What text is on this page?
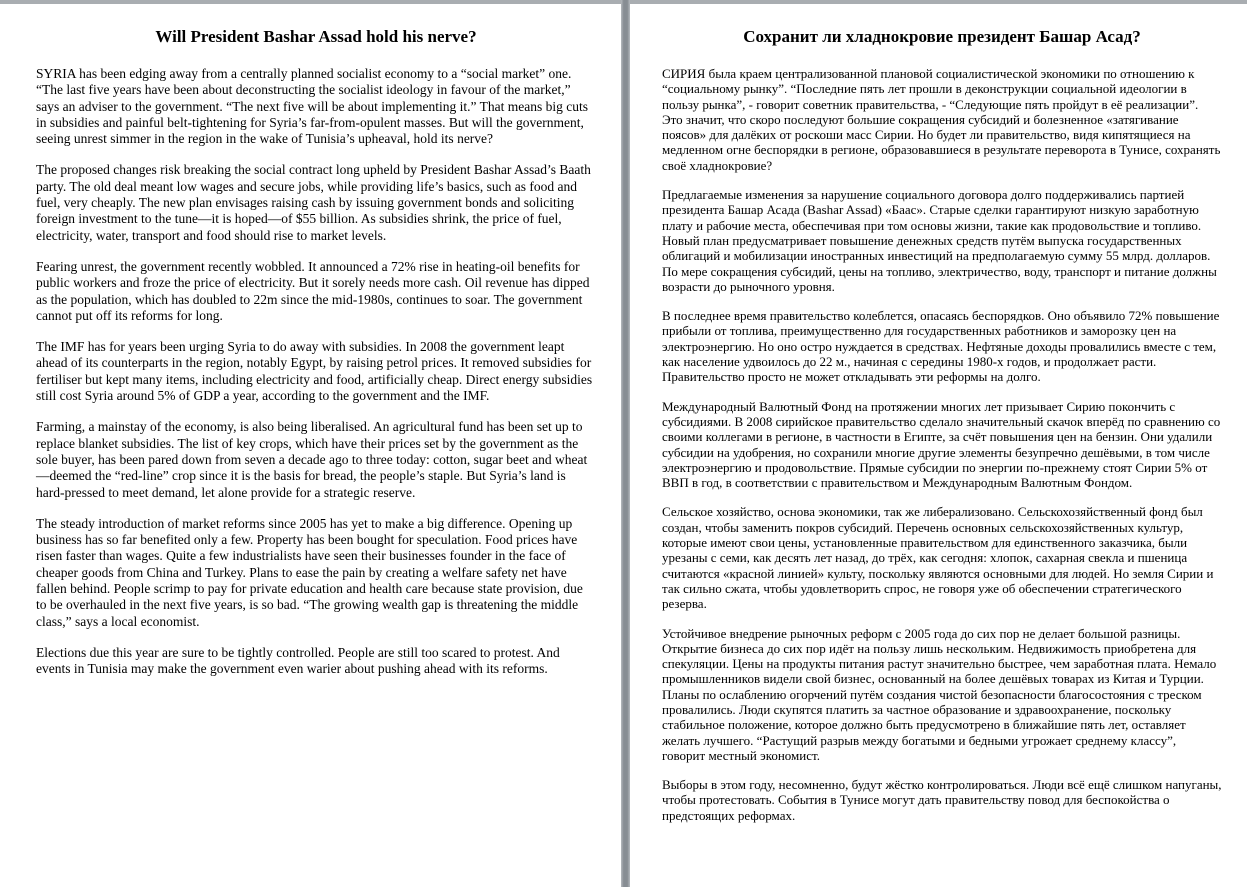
Will President Bashar Assad hold his nerve?

SYRIA has been edging away from a centrally planned socialist economy to a “social market” one. “The last five years have been about deconstructing the socialist ideology in favour of the market,” says an adviser to the government. “The next five will be about implementing it.” That means big cuts in subsidies and painful belt-tightening for Syria’s far-from-opulent masses. But will the government, seeing unrest simmer in the region in the wake of Tunisia’s upheaval, hold its nerve?

The proposed changes risk breaking the social contract long upheld by President Bashar Assad’s Baath party. The old deal meant low wages and secure jobs, while providing life’s basics, such as food and fuel, very cheaply. The new plan envisages raising cash by issuing government bonds and soliciting foreign investment to the tune—it is hoped—of $55 billion. As subsidies shrink, the price of fuel, electricity, water, transport and food should rise to market levels.

Fearing unrest, the government recently wobbled. It announced a 72% rise in heating-oil benefits for public workers and froze the price of electricity. But it sorely needs more cash. Oil revenue has dipped as the population, which has doubled to 22m since the mid-1980s, continues to soar. The government cannot put off its reforms for long.

The IMF has for years been urging Syria to do away with subsidies. In 2008 the government leapt ahead of its counterparts in the region, notably Egypt, by raising petrol prices. It removed subsidies for fertiliser but kept many items, including electricity and food, artificially cheap. Direct energy subsidies still cost Syria around 5% of GDP a year, according to the government and the IMF.

Farming, a mainstay of the economy, is also being liberalised. An agricultural fund has been set up to replace blanket subsidies. The list of key crops, which have their prices set by the government as the sole buyer, has been pared down from seven a decade ago to three today: cotton, sugar beet and wheat—deemed the “red-line” crop since it is the basis for bread, the people’s staple. But Syria’s land is hard-pressed to meet demand, let alone provide for a strategic reserve.

The steady introduction of market reforms since 2005 has yet to make a big difference. Opening up business has so far benefited only a few. Property has been bought for speculation. Food prices have risen faster than wages. Quite a few industrialists have seen their businesses founder in the face of cheaper goods from China and Turkey. Plans to ease the pain by creating a welfare safety net have fallen behind. People scrimp to pay for private education and health care because state provision, due to be overhauled in the next five years, is so bad. “The growing wealth gap is threatening the middle class,” says a local economist.

Elections due this year are sure to be tightly controlled. People are still too scared to protest. And events in Tunisia may make the government even warier about pushing ahead with its reforms.

Сохранит ли хладнокровие президент Башар Асад?

СИРИЯ была краем централизованной плановой социалистической экономики по отношению к “социальному рынку”. “Последние пять лет прошли в деконструкции социальной идеологии в пользу рынка”, - говорит советник правительства, - “Следующие пять пройдут в её реализации”. Это значит, что скоро последуют большие сокращения субсидий и болезненное «затягивание поясов» для далёких от роскоши масс Сирии. Но будет ли правительство, видя кипятящиеся на медленном огне беспорядки в регионе, образовавшиеся в результате переворота в Тунисе, сохранять своё хладнокровие?

Предлагаемые изменения за нарушение социального договора долго поддерживались партией президента Башар Асада (Bashar Assad) «Баас». Старые сделки гарантируют низкую заработную плату и рабочие места, обеспечивая при том основы жизни, такие как продовольствие и топливо. Новый план предусматривает повышение денежных средств путём выпуска государственных облигаций и мобилизации иностранных инвестиций на предполагаемую сумму 55 млрд. долларов. По мере сокращения субсидий, цены на топливо, электричество, воду, транспорт и питание должны возрасти до рыночного уровня.

В последнее время правительство колеблется, опасаясь беспорядков. Оно объявило 72% повышение прибыли от топлива, преимущественно для государственных работников и заморозку цен на электроэнергию. Но оно остро нуждается в средствах. Нефтяные доходы провалились вместе с тем, как население удвоилось до 22 м., начиная с середины 1980-х годов, и продолжает расти. Правительство просто не может откладывать эти реформы на долго.

Международный Валютный Фонд на протяжении многих лет призывает Сирию покончить с субсидиями. В 2008 сирийское правительство сделало значительный скачок вперёд по сравнению со своими коллегами в регионе, в частности в Египте, за счёт повышения цен на бензин. Они удалили субсидии на удобрения, но сохранили многие другие элементы безупречно дешёвыми, в том числе электроэнергию и продовольствие. Прямые субсидии по энергии по-прежнему стоят Сирии 5% от ВВП в год, в соответствии с правительством и Международным Валютным Фондом.

Сельское хозяйство, основа экономики, так же либерализовано. Сельскохозяйственный фонд был создан, чтобы заменить покров субсидий. Перечень основных сельскохозяйственных культур, которые имеют свои цены, установленные правительством для единственного заказчика, были урезаны с семи, как десять лет назад, до трёх, как сегодня: хлопок, сахарная свекла и пшеница считаются «красной линией» культу, поскольку являются основными для людей. Но земля Сирии и так сильно сжата, чтобы удовлетворить спрос, не говоря уже об обеспечении стратегического резерва.

Устойчивое внедрение рыночных реформ с 2005 года до сих пор не делает большой разницы. Открытие бизнеса до сих пор идёт на пользу лишь нескольким. Недвижимость приобретена для спекуляции. Цены на продукты питания растут значительно быстрее, чем заработная плата. Немало промышленников видели свой бизнес, основанный на более дешёвых товарах из Китая и Турции. Планы по ослаблению огорчений путём создания чистой безопасности благосостояния с треском провалились. Люди скупятся платить за частное образование и здравоохранение, поскольку стабильное положение, которое должно быть предусмотрено в ближайшие пять лет, оставляет желать лучшего. “Растущий разрыв между богатыми и бедными угрожает среднему классу”, говорит местный экономист.

Выборы в этом году, несомненно, будут жёстко контролироваться. Люди всё ещё слишком напуганы, чтобы протестовать. События в Тунисе могут дать правительству повод для беспокойства о предстоящих реформах.
